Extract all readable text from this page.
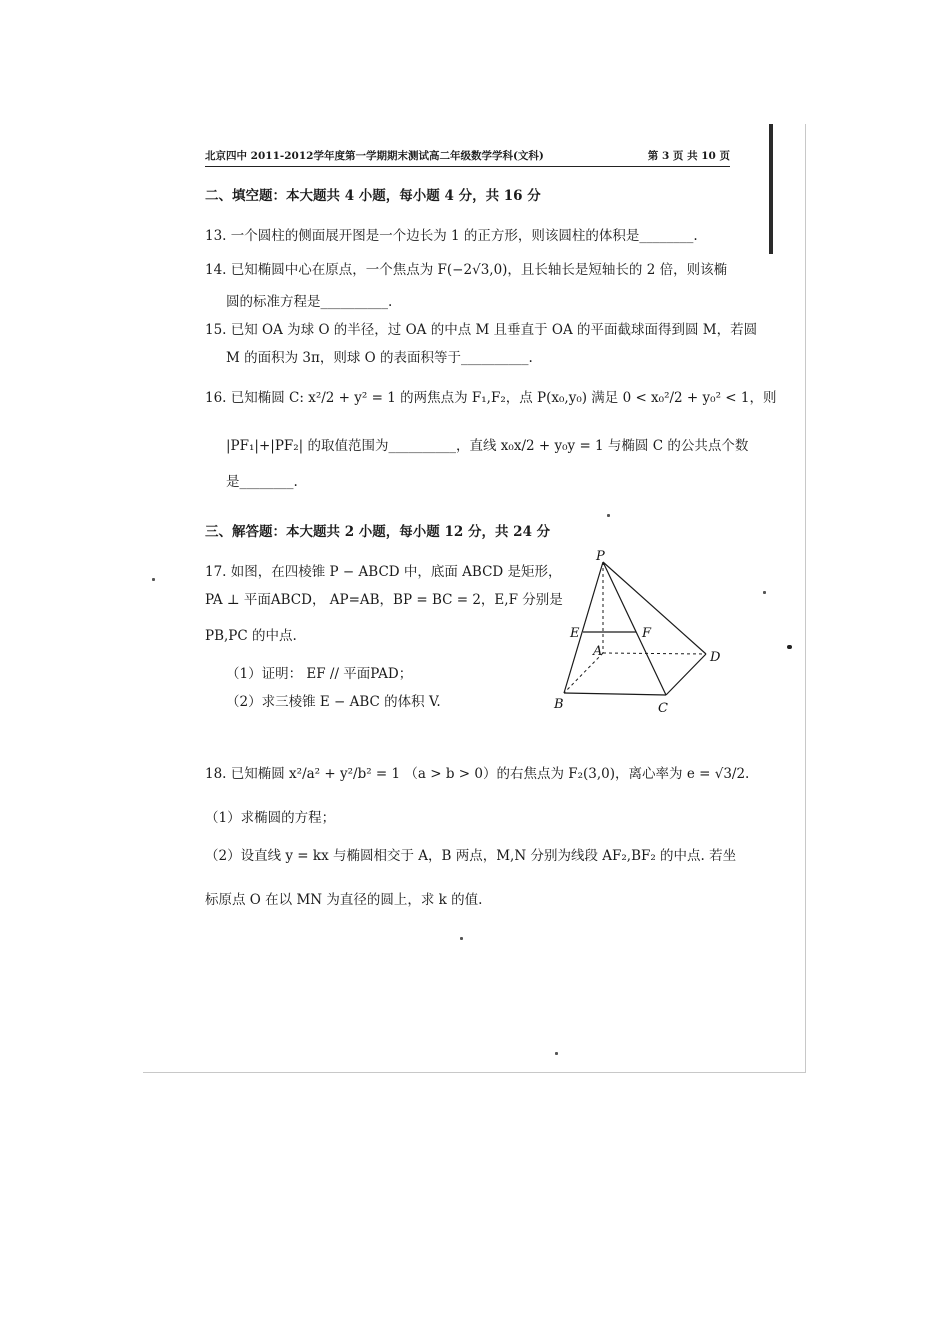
北京四中 2011-2012学年度第一学期期末测试高二年级数学学科(文科)	第 3 页 共 10 页
二、填空题：本大题共 4 小题，每小题 4 分，共 16 分
13. 一个圆柱的侧面展开图是一个边长为 1 的正方形，则该圆柱的体积是________.
14. 已知椭圆中心在原点，一个焦点为 F(−2√3,0)，且长轴长是短轴长的 2 倍，则该椭
圆的标准方程是__________.
15. 已知 OA 为球 O 的半径，过 OA 的中点 M 且垂直于 OA 的平面截球面得到圆 M，若圆
M 的面积为 3π，则球 O 的表面积等于__________.
16. 已知椭圆 C: x²/2 + y² = 1 的两焦点为 F₁,F₂，点 P(x₀,y₀) 满足 0 < x₀²/2 + y₀² < 1，则
|PF₁|+|PF₂| 的取值范围为__________，直线 x₀x/2 + y₀y = 1 与椭圆 C 的公共点个数
是________.
三、解答题：本大题共 2 小题，每小题 12 分，共 24 分
17. 如图，在四棱锥 P − ABCD 中，底面 ABCD 是矩形，
PA ⊥ 平面ABCD， AP=AB，BP = BC = 2，E,F 分别是
PB,PC 的中点.
（1）证明： EF // 平面PAD；
（2）求三棱锥 E − ABC 的体积 V.
P
E	F
A	D
B	C
18. 已知椭圆 x²/a² + y²/b² = 1 （a > b > 0）的右焦点为 F₂(3,0)，离心率为 e = √3/2.
（1）求椭圆的方程；
（2）设直线 y = kx 与椭圆相交于 A，B 两点，M,N 分别为线段 AF₂,BF₂ 的中点. 若坐
标原点 O 在以 MN 为直径的圆上，求 k 的值.
